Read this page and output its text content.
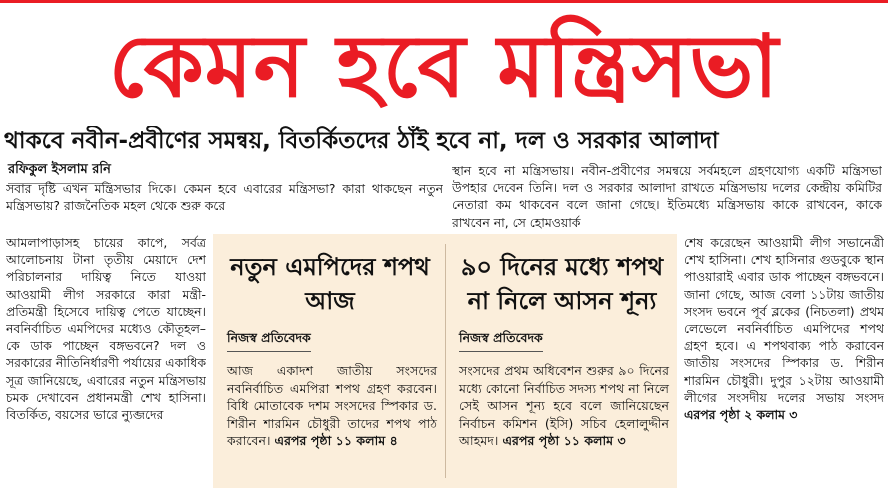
কেমন হবে মন্ত্রিসভা
থাকবে নবীন-প্রবীণের সমন্বয়, বিতর্কিতদের ঠাঁই হবে না, দল ও সরকার আলাদা
রফিকুল ইসলাম রনি
সবার দৃষ্টি এখন মন্ত্রিসভার দিকে। কেমন হবে এবারের মন্ত্রিসভা? কারা থাকছেন নতুন মন্ত্রিসভায়? রাজনৈতিক মহল থেকে শুরু করে
আমলাপাড়াসহ চায়ের কাপে, সর্বত্র আলোচনায় টানা তৃতীয় মেয়াদে দেশ পরিচালনার দায়িত্ব নিতে যাওয়া আওয়ামী লীগ সরকারে কারা মন্ত্রী-প্রতিমন্ত্রী হিসেবে দায়িত্ব পেতে যাচ্ছেন। নবনির্বাচিত এমপিদের মধ্যেও কৌতূহল– কে ডাক পাচ্ছেন বঙ্গভবনে? দল ও সরকারের নীতিনির্ধারণী পর্যায়ের একাধিক সূত্র জানিয়েছে, এবারের নতুন মন্ত্রিসভায় চমক দেখাবেন প্রধানমন্ত্রী শেখ হাসিনা। বিতর্কিত, বয়সের ভারে ন্যুব্জদের
স্থান হবে না মন্ত্রিসভায়। নবীন-প্রবীণের সমন্বয়ে সর্বমহলে গ্রহণযোগ্য একটি মন্ত্রিসভা উপহার দেবেন তিনি। দল ও সরকার আলাদা রাখতে মন্ত্রিসভায় দলের কেন্দ্রীয় কমিটির নেতারা কম থাকবেন বলে জানা গেছে। ইতিমধ্যে মন্ত্রিসভায় কাকে রাখবেন, কাকে রাখবেন না, সে হোমওয়ার্ক
শেষ করেছেন আওয়ামী লীগ সভানেত্রী শেখ হাসিনা। শেখ হাসিনার গুডবুকে স্থান পাওয়ারাই এবার ডাক পাচ্ছেন বঙ্গভবনে। জানা গেছে, আজ বেলা ১১টায় জাতীয় সংসদ ভবনে পূর্ব ব্লকের (নিচতলা) প্রথম লেভেলে নবনির্বাচিত এমপিদের শপথ গ্রহণ হবে। এ শপথবাক্য পাঠ করাবেন জাতীয় সংসদের স্পিকার ড. শিরীন শারমিন চৌধুরী। দুপুর ১২টায় আওয়ামী লীগের সংসদীয় দলের সভায় সংসদ এরপর পৃষ্ঠা ২ কলাম ৩
নতুন এমপিদের শপথ আজ
নিজস্ব প্রতিবেদক
আজ একাদশ জাতীয় সংসদের নবনির্বাচিত এমপিরা শপথ গ্রহণ করবেন। বিধি মোতাবেক দশম সংসদের স্পিকার ড. শিরীন শারমিন চৌধুরী তাদের শপথ পাঠ করাবেন। এরপর পৃষ্ঠা ১১ কলাম ৪
৯০ দিনের মধ্যে শপথ না নিলে আসন শূন্য
নিজস্ব প্রতিবেদক
সংসদের প্রথম অধিবেশন শুরুর ৯০ দিনের মধ্যে কোনো নির্বাচিত সদস্য শপথ না নিলে সেই আসন শূন্য হবে বলে জানিয়েছেন নির্বাচন কমিশন (ইসি) সচিব হেলালুদ্দীন আহমদ। এরপর পৃষ্ঠা ১১ কলাম ৩
